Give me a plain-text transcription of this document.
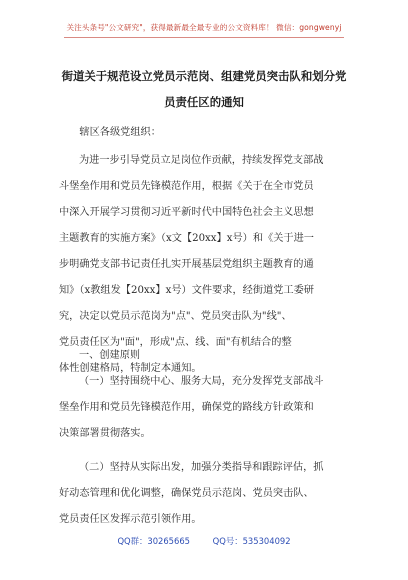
关注头条号"公文研究"，获得最新最全最专业的公文资料库！ 微信：gongwenyj
街道关于规范设立党员示范岗、组建党员突击队和划分党
员责任区的通知
辖区各级党组织：
为进一步引导党员立足岗位作贡献，持续发挥党支部战
斗堡垒作用和党员先锋模范作用，根据《关于在全市党员
中深入开展学习贯彻习近平新时代中国特色社会主义思想
主题教育的实施方案》（x文【20xx】x号）和《关于进一
步明确党支部书记责任扎实开展基层党组织主题教育的通
知》（x教组发【20xx】x号）文件要求，经街道党工委研
究，决定以党员示范岗为"点"、党员突击队为"线"、
党员责任区为"面"，形成"点、线、面"有机结合的整
体性创建格局，特制定本通知。
一、创建原则
（一）坚持围绕中心、服务大局，充分发挥党支部战斗
堡垒作用和党员先锋模范作用，确保党的路线方针政策和
决策部署贯彻落实。
（二）坚持从实际出发，加强分类指导和跟踪评估，抓
好动态管理和优化调整，确保党员示范岗、党员突击队、
党员责任区发挥示范引领作用。
QQ群：30265665	QQ号：535304092
